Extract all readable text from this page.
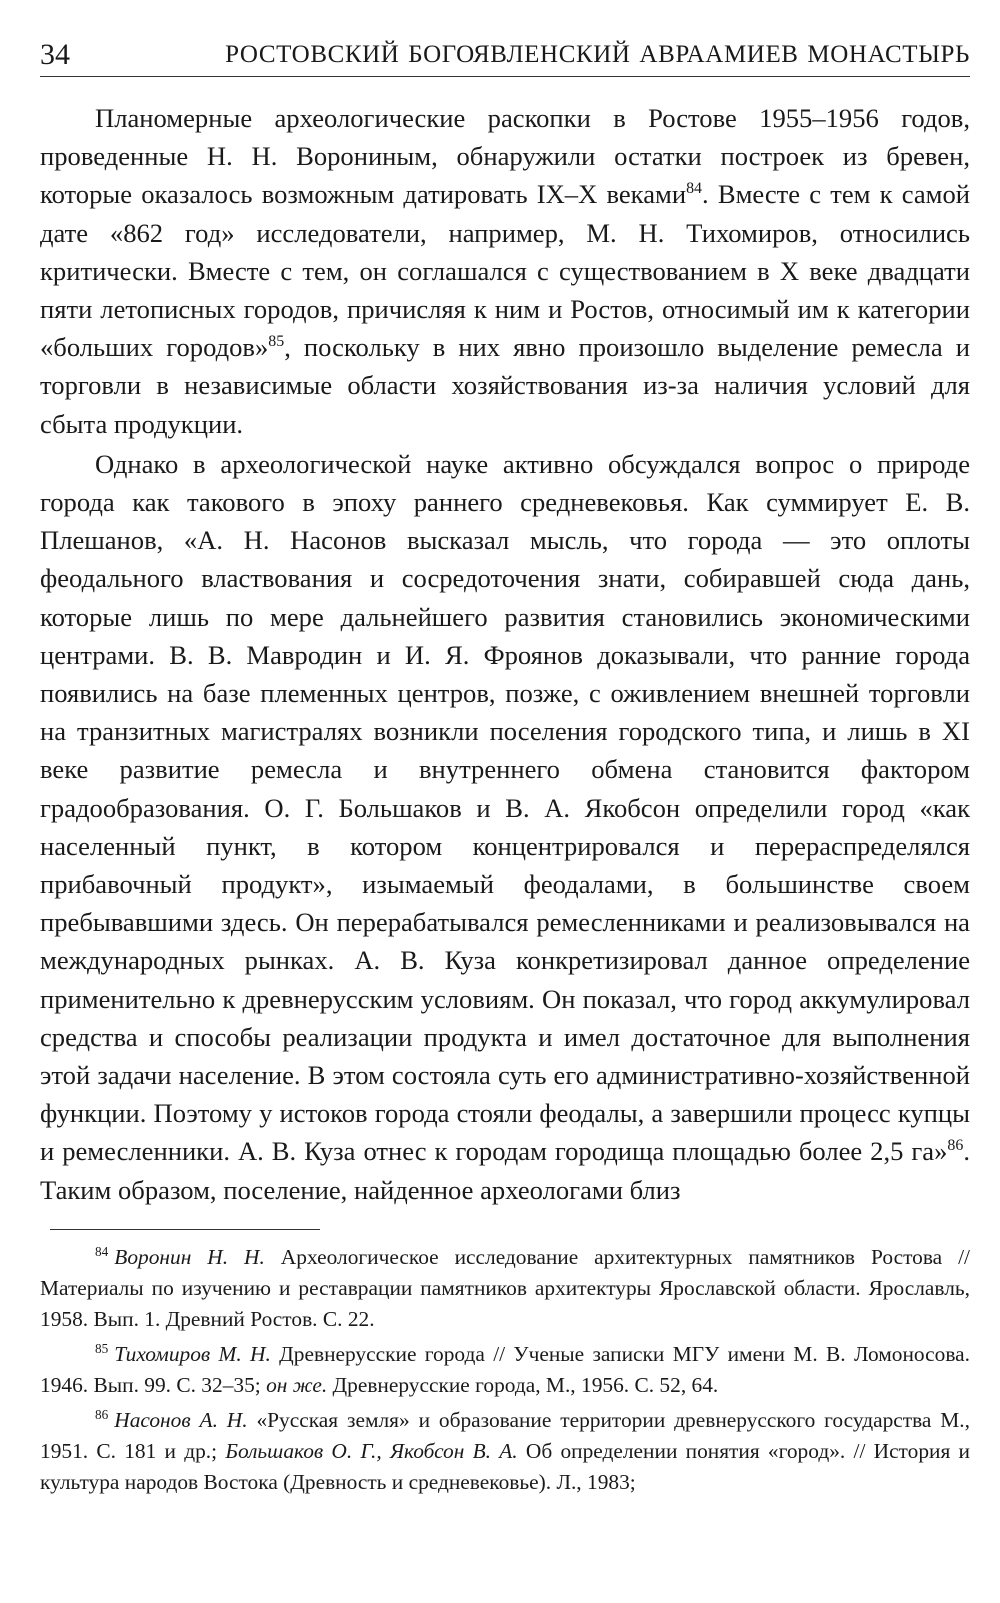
34	РОСТОВСКИЙ БОГОЯВЛЕНСКИЙ АВРААМИЕВ МОНАСТЫРЬ

Планомерные археологические раскопки в Ростове 1955–1956 годов, проведенные Н. Н. Ворониным, обнаружили остатки построек из бревен, которые оказалось возможным датировать IX–X веками$^{84}$. Вместе с тем к самой дате «862 год» исследователи, например, М. Н. Тихомиров, относились критически. Вместе с тем, он соглашался с существованием в X веке двадцати пяти летописных городов, причисляя к ним и Ростов, относимый им к категории «больших городов»$^{85}$, поскольку в них явно произошло выделение ремесла и торговли в независимые области хозяйствования из-за наличия условий для сбыта продукции.

Однако в археологической науке активно обсуждался вопрос о природе города как такового в эпоху раннего средневековья. Как суммирует Е. В. Плешанов, «А. Н. Насонов высказал мысль, что города — это оплоты феодального властвования и сосредоточения знати, собиравшей сюда дань, которые лишь по мере дальнейшего развития становились экономическими центрами. В. В. Мавродин и И. Я. Фроянов доказывали, что ранние города появились на базе племенных центров, позже, с оживлением внешней торговли на транзитных магистралях возникли поселения городского типа, и лишь в XI веке развитие ремесла и внутреннего обмена становится фактором градообразования. О. Г. Большаков и В. А. Якобсон определили город «как населенный пункт, в котором концентрировался и перераспределялся прибавочный продукт», изымаемый феодалами, в большинстве своем пребывавшими здесь. Он перерабатывался ремесленниками и реализовывался на международных рынках. А. В. Куза конкретизировал данное определение применительно к древнерусским условиям. Он показал, что город аккумулировал средства и способы реализации продукта и имел достаточное для выполнения этой задачи население. В этом состояла суть его административно-хозяйственной функции. Поэтому у истоков города стояли феодалы, а завершили процесс купцы и ремесленники. А. В. Куза отнес к городам городища площадью более 2,5 га»$^{86}$. Таким образом, поселение, найденное археологами близ

$^{84}$ Воронин Н. Н. Археологическое исследование архитектурных памятников Ростова // Материалы по изучению и реставрации памятников архитектуры Ярославской области. Ярославль, 1958. Вып. 1. Древний Ростов. С. 22.

$^{85}$ Тихомиров М. Н. Древнерусские города // Ученые записки МГУ имени М. В. Ломоносова. 1946. Вып. 99. С. 32–35; он же. Древнерусские города, М., 1956. С. 52, 64.

$^{86}$ Насонов А. Н. «Русская земля» и образование территории древнерусского государства М., 1951. С. 181 и др.; Большаков О. Г., Якобсон В. А. Об определении понятия «город». // История и культура народов Востока (Древность и средневековье). Л., 1983;
